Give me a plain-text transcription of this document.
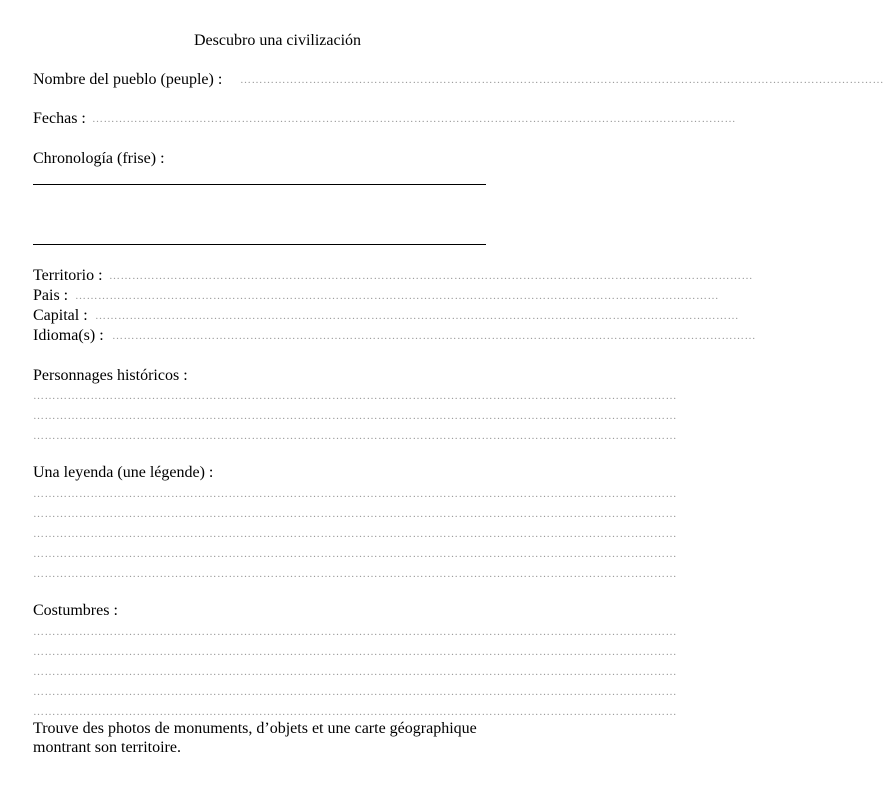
Descubro una civilización
Nombre del pueblo (peuple) : ……………………………………………………………………………………………………………………………………………………
Fechas : ……………………………………………………………………………………………………………………………………………………
Chronología (frise) :
Territorio : ……………………………………………………………………………………………………………………………………………………
Pais : ……………………………………………………………………………………………………………………………………………………
Capital : ……………………………………………………………………………………………………………………………………………………
Idioma(s) : ……………………………………………………………………………………………………………………………………………………
Personnages históricos :
……………………………………………………………………………………………………………………………………………………
……………………………………………………………………………………………………………………………………………………
……………………………………………………………………………………………………………………………………………………
Una leyenda (une légende) :
……………………………………………………………………………………………………………………………………………………
……………………………………………………………………………………………………………………………………………………
……………………………………………………………………………………………………………………………………………………
……………………………………………………………………………………………………………………………………………………
……………………………………………………………………………………………………………………………………………………
Costumbres :
……………………………………………………………………………………………………………………………………………………
……………………………………………………………………………………………………………………………………………………
……………………………………………………………………………………………………………………………………………………
……………………………………………………………………………………………………………………………………………………
……………………………………………………………………………………………………………………………………………………
Trouve des photos de monuments, d’objets et une carte géographique
montrant son territoire.
